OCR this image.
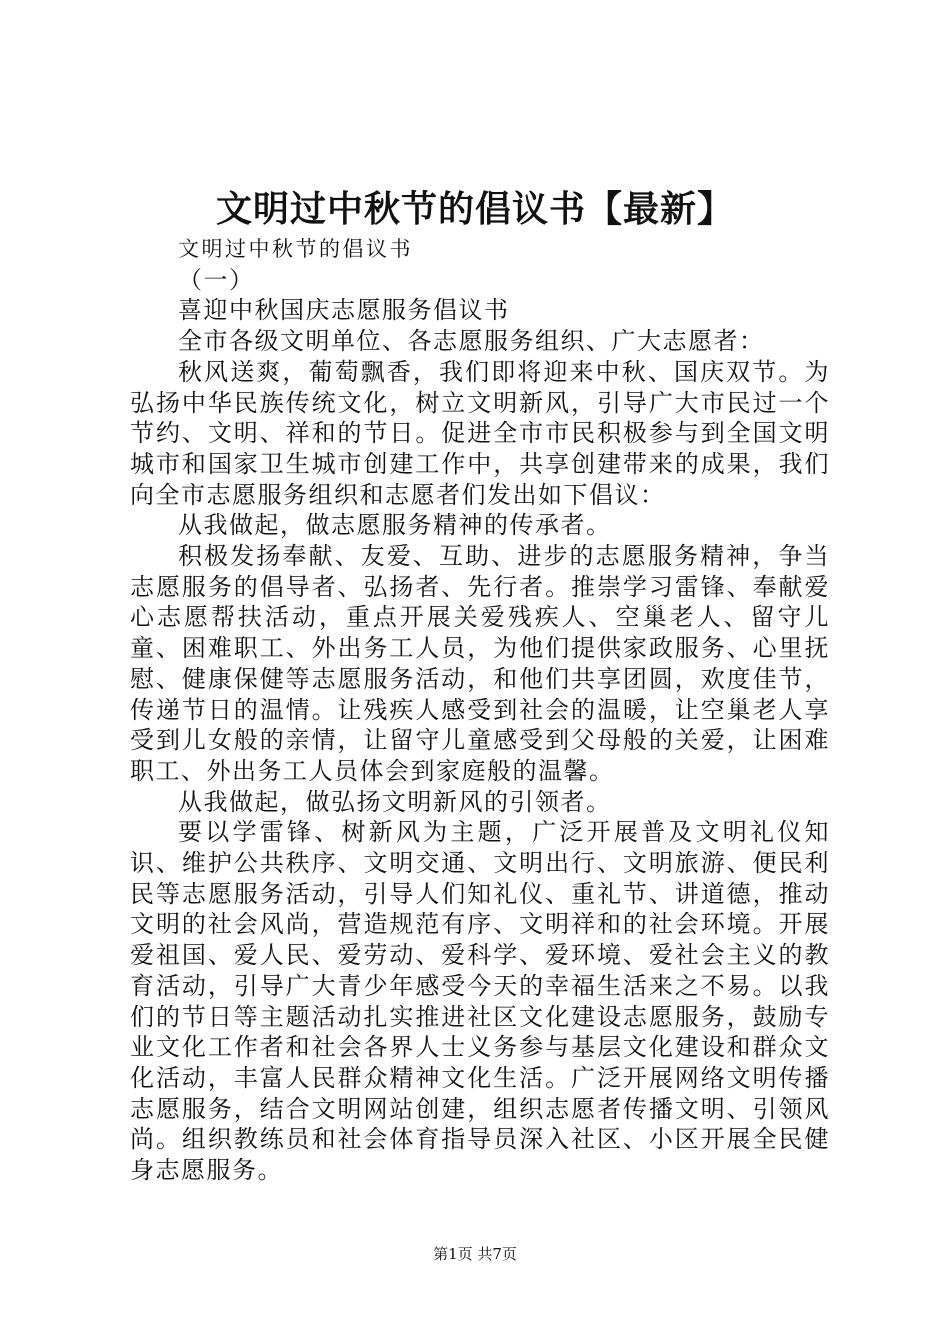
文明过中秋节的倡议书【最新】

文明过中秋节的倡议书

（一）

喜迎中秋国庆志愿服务倡议书

全市各级文明单位、各志愿服务组织、广大志愿者：

秋风送爽，葡萄飘香，我们即将迎来中秋、国庆双节。为弘扬中华民族传统文化，树立文明新风，引导广大市民过一个节约、文明、祥和的节日。促进全市市民积极参与到全国文明城市和国家卫生城市创建工作中，共享创建带来的成果，我们向全市志愿服务组织和志愿者们发出如下倡议：

从我做起，做志愿服务精神的传承者。

积极发扬奉献、友爱、互助、进步的志愿服务精神，争当志愿服务的倡导者、弘扬者、先行者。推崇学习雷锋、奉献爱心志愿帮扶活动，重点开展关爱残疾人、空巢老人、留守儿童、困难职工、外出务工人员，为他们提供家政服务、心里抚慰、健康保健等志愿服务活动，和他们共享团圆，欢度佳节，传递节日的温情。让残疾人感受到社会的温暖，让空巢老人享受到儿女般的亲情，让留守儿童感受到父母般的关爱，让困难职工、外出务工人员体会到家庭般的温馨。

从我做起，做弘扬文明新风的引领者。

要以学雷锋、树新风为主题，广泛开展普及文明礼仪知识、维护公共秩序、文明交通、文明出行、文明旅游、便民利民等志愿服务活动，引导人们知礼仪、重礼节、讲道德，推动文明的社会风尚，营造规范有序、文明祥和的社会环境。开展爱祖国、爱人民、爱劳动、爱科学、爱环境、爱社会主义的教育活动，引导广大青少年感受今天的幸福生活来之不易。以我们的节日等主题活动扎实推进社区文化建设志愿服务，鼓励专业文化工作者和社会各界人士义务参与基层文化建设和群众文化活动，丰富人民群众精神文化生活。广泛开展网络文明传播志愿服务，结合文明网站创建，组织志愿者传播文明、引领风尚。组织教练员和社会体育指导员深入社区、小区开展全民健身志愿服务。

第1页 共7页
